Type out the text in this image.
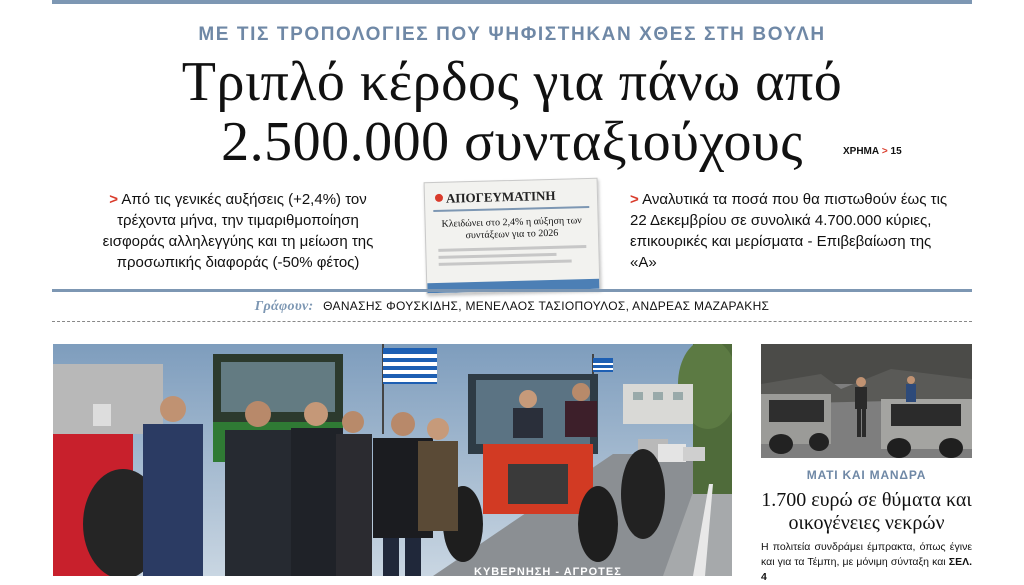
ΜΕ ΤΙΣ ΤΡΟΠΟΛΟΓΙΕΣ ΠΟΥ ΨΗΦΙΣΤΗΚΑΝ ΧΘΕΣ ΣΤΗ ΒΟΥΛΗ
Τριπλό κέρδος για πάνω από
2.500.000 συνταξιούχους	ΧΡΗΜΑ > 15
> Από τις γενικές αυξήσεις (+2,4%) τον τρέχοντα μήνα, την τιμαριθμοποίηση εισφοράς αλληλεγγύης και τη μείωση της προσωπικής διαφοράς (-50% φέτος)
ΑΠΟΓΕΥΜΑΤΙΝΗ
Κλειδώνει στο 2,4% η αύξηση των συντάξεων για το 2026
> Αναλυτικά τα ποσά που θα πιστωθούν έως τις 22 Δεκεμβρίου σε συνολικά 4.700.000 κύριες, επικουρικές και μερίσματα - Επιβεβαίωση της «Α»
Γράφουν: ΘΑΝΑΣΗΣ ΦΟΥΣΚΙΔΗΣ, ΜΕΝΕΛΑΟΣ ΤΑΣΙΟΠΟΥΛΟΣ, ΑΝΔΡΕΑΣ ΜΑΖΑΡΑΚΗΣ
ΚΥΒΕΡΝΗΣΗ - ΑΓΡΟΤΕΣ
ΜΑΤΙ ΚΑΙ ΜΑΝΔΡΑ
1.700 ευρώ σε θύματα και οικογένειες νεκρών
Η πολιτεία συνδράμει έμπρακτα, όπως έγινε και για τα Τέμπη, με μόνιμη σύνταξη και ΣΕΛ. 4
